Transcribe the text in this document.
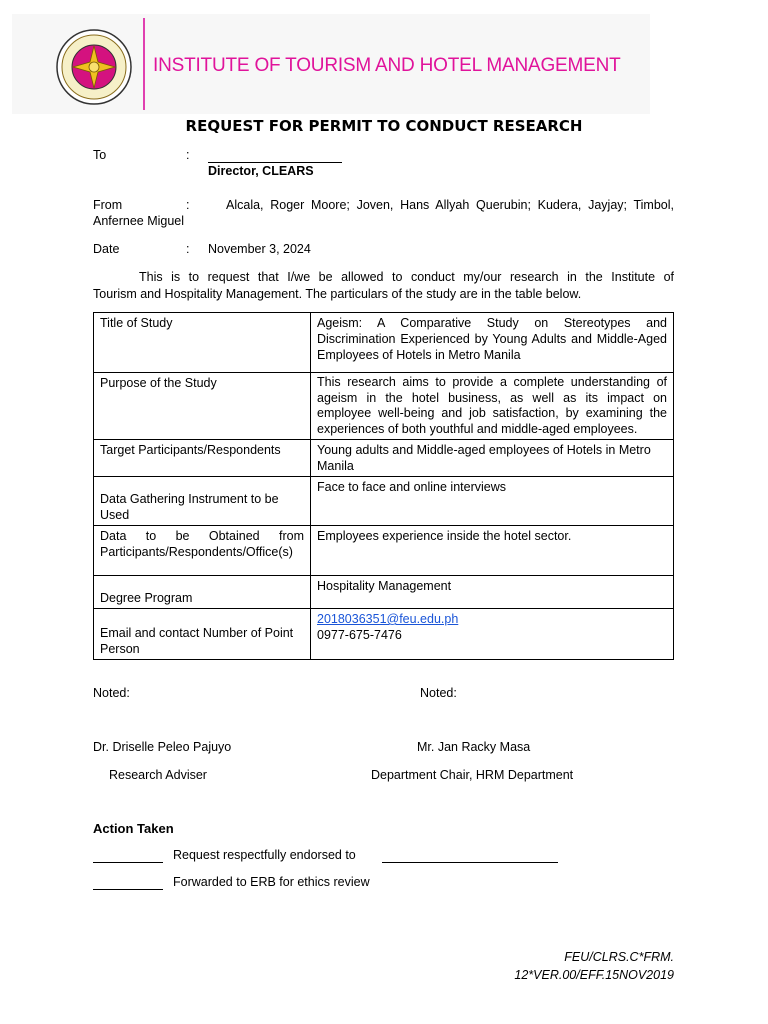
INSTITUTE OF TOURISM AND HOTEL MANAGEMENT
REQUEST FOR PERMIT TO CONDUCT RESEARCH
To	:
Director, CLEARS
From	:	Alcala, Roger Moore; Joven, Hans Allyah Querubin; Kudera, Jayjay; Timbol,
Anfernee Miguel
Date	: November 3, 2024
This is to request that I/we be allowed to conduct my/our research in the Institute of
Tourism and Hospitality Management. The particulars of the study are in the table below.
Title of Study	Ageism: A Comparative Study on Stereotypes and Discrimination Experienced by Young Adults and Middle-Aged Employees of Hotels in Metro Manila
Purpose of the Study	This research aims to provide a complete understanding of ageism in the hotel business, as well as its impact on employee well-being and job satisfaction, by examining the experiences of both youthful and middle-aged employees.
Target Participants/Respondents	Young adults and Middle-aged employees of Hotels in Metro Manila
Data Gathering Instrument to be Used	Face to face and online interviews
Data to be Obtained from Participants/Respondents/Office(s)	Employees experience inside the hotel sector.
Degree Program	Hospitality Management
Email and contact Number of Point Person	2018036351@feu.edu.ph
0977-675-7476
Noted:	Noted:
Dr. Driselle Peleo Pajuyo	Mr. Jan Racky Masa
Research Adviser	Department Chair, HRM Department
Action Taken
Request respectfully endorsed to
Forwarded to ERB for ethics review
FEU/CLRS.C*FRM.
12*VER.00/EFF.15NOV2019
